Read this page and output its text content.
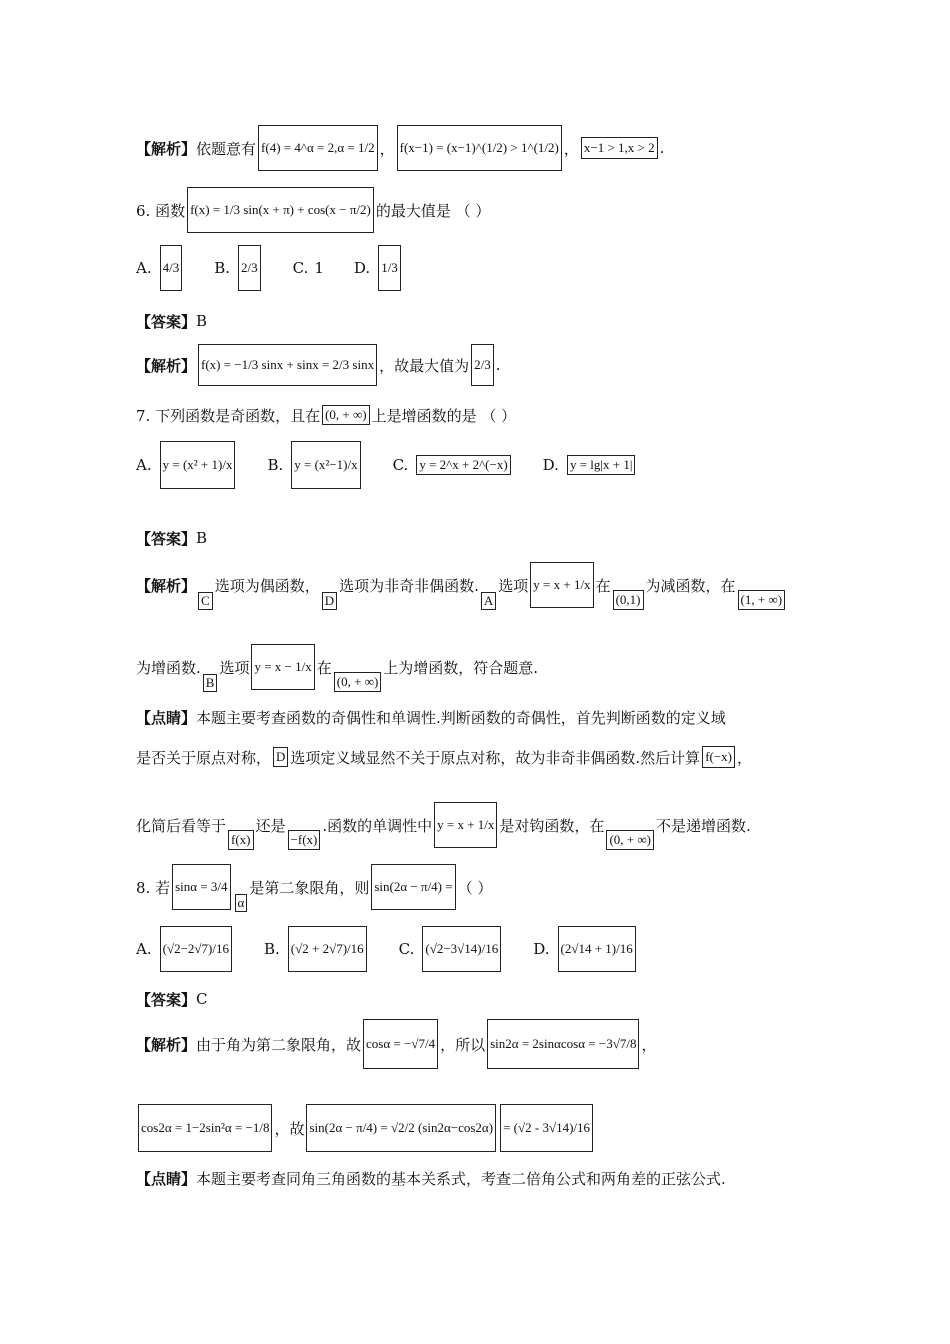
【解析】 依题意有 f(4) = 4^α = 2,α = 1/2 ， f(x−1) = (x−1)^(1/2) > 1^(1/2) ， x−1 > 1,x > 2 .
6. 函数 f(x) = 1/3 sin(x + π) + cos(x − π/2) 的最大值是 （ ）
A. 4/3 B. 2/3 C. 1 D. 1/3
【答案】 B
【解析】 f(x) = −1/3 sinx + sinx = 2/3 sinx ，故最大值为 2/3 .
7. 下列函数是奇函数，且在 (0, + ∞) 上是增函数的是 （ ）
A. y = (x² + 1)/x B. y = (x²−1)/x C. y = 2^x + 2^(−x) D. y = lg|x + 1|
【答案】 B
【解析】
C
选项为偶函数，
D
选项为非奇非偶函数.
A
选项 y = x + 1/x 在
(0,1)
为减函数，在
(1, + ∞)
为增函数.
B
选项 y = x − 1/x 在
(0, + ∞)
上为增函数，符合题意.
【点睛】 本题主要考查函数的奇偶性和单调性.判断函数的奇偶性，首先判断函数的定义域
是否关于原点对称， D 选项定义域显然不关于原点对称，故为非奇非偶函数.然后计算 f(−x) ，
化简后看等于
f(x)
还是
−f(x)
.函数的单调性中 y = x + 1/x 是对钩函数，在
(0, + ∞)
不是递增函数.
8. 若 sinα = 3/4
α
是第二象限角，则 sin(2α − π/4) = （ ）
A. (√2−2√7)/16 B. (√2 + 2√7)/16 C. (√2−3√14)/16 D. (2√14 + 1)/16
【答案】 C
【解析】 由于角为第二象限角，故 cosα = −√7/4 ，所以 sin2α = 2sinαcosα = −3√7/8 ，
cos2α = 1−2sin²α = −1/8 ，故 sin(2α − π/4) = √2/2 (sin2α−cos2α) = (√2 - 3√14)/16
【点睛】 本题主要考查同角三角函数的基本关系式，考查二倍角公式和两角差的正弦公式.
